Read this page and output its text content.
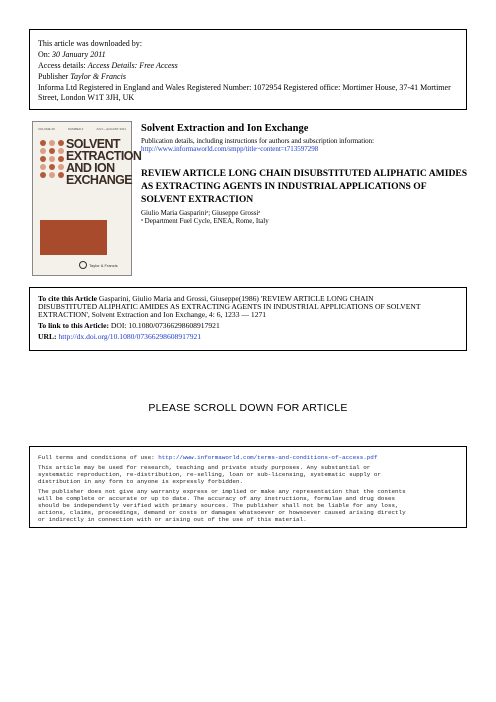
This article was downloaded by:
On: 30 January 2011
Access details: Access Details: Free Access
Publisher Taylor & Francis
Informa Ltd Registered in England and Wales Registered Number: 1072954 Registered office: Mortimer House, 37-41 Mortimer Street, London W1T 3JH, UK
VOLUME 29	NUMBER 4	JULY—AUGUST 2011
SOLVENT
EXTRACTION
AND ION
EXCHANGE
Taylor & Francis
Solvent Extraction and Ion Exchange
Publication details, including instructions for authors and subscription information:
http://www.informaworld.com/smpp/title~content=t713597298
REVIEW ARTICLE LONG CHAIN DISUBSTITUTED ALIPHATIC AMIDES AS EXTRACTING AGENTS IN INDUSTRIAL APPLICATIONS OF SOLVENT EXTRACTION
Giulio Maria Gaspariniᵃ; Giuseppe Grossiᵃ
ᵃ Department Fuel Cycle, ENEA, Rome, Italy
To cite this Article Gasparini, Giulio Maria and Grossi, Giuseppe(1986) 'REVIEW ARTICLE LONG CHAIN
DISUBSTITUTED ALIPHATIC AMIDES AS EXTRACTING AGENTS IN INDUSTRIAL APPLICATIONS OF SOLVENT
EXTRACTION', Solvent Extraction and Ion Exchange, 4: 6, 1233 — 1271
To link to this Article: DOI: 10.1080/07366298608917921
URL: http://dx.doi.org/10.1080/07366298608917921
PLEASE SCROLL DOWN FOR ARTICLE
Full terms and conditions of use: http://www.informaworld.com/terms-and-conditions-of-access.pdf
This article may be used for research, teaching and private study purposes. Any substantial or
systematic reproduction, re-distribution, re-selling, loan or sub-licensing, systematic supply or
distribution in any form to anyone is expressly forbidden.
The publisher does not give any warranty express or implied or make any representation that the contents
will be complete or accurate or up to date. The accuracy of any instructions, formulae and drug doses
should be independently verified with primary sources. The publisher shall not be liable for any loss,
actions, claims, proceedings, demand or costs or damages whatsoever or howsoever caused arising directly
or indirectly in connection with or arising out of the use of this material.
